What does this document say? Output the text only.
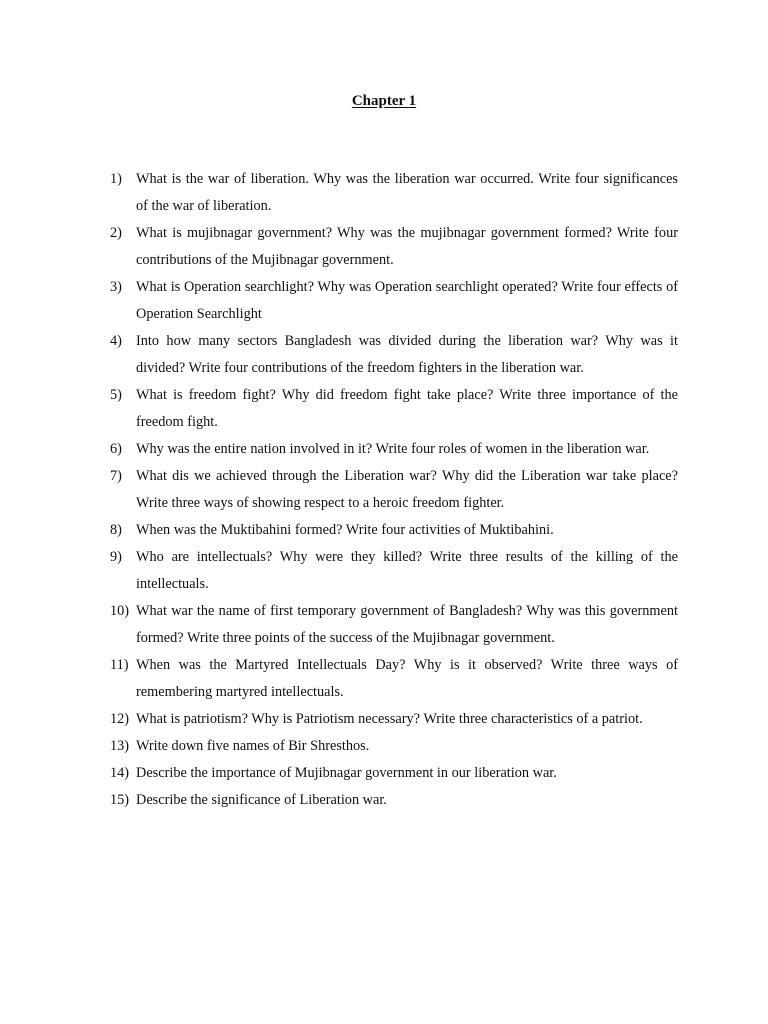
Chapter 1
1) What is the war of liberation. Why was the liberation war occurred. Write four significances of the war of liberation.
2) What is mujibnagar government? Why was the mujibnagar government formed? Write four contributions of the Mujibnagar government.
3) What is Operation searchlight? Why was Operation searchlight operated? Write four effects of Operation Searchlight
4) Into how many sectors Bangladesh was divided during the liberation war? Why was it divided? Write four contributions of the freedom fighters in the liberation war.
5) What is freedom fight? Why did freedom fight take place? Write three importance of the freedom fight.
6) Why was the entire nation involved in it? Write four roles of women in the liberation war.
7) What dis we achieved through the Liberation war? Why did the Liberation war take place? Write three ways of showing respect to a heroic freedom fighter.
8) When was the Muktibahini formed? Write four activities of Muktibahini.
9) Who are intellectuals? Why were they killed? Write three results of the killing of the intellectuals.
10) What war the name of first temporary government of Bangladesh? Why was this government formed? Write three points of the success of the Mujibnagar government.
11) When was the Martyred Intellectuals Day? Why is it observed? Write three ways of remembering martyred intellectuals.
12) What is patriotism? Why is Patriotism necessary? Write three characteristics of a patriot.
13) Write down five names of Bir Shresthos.
14) Describe the importance of Mujibnagar government in our liberation war.
15) Describe the significance of Liberation war.
